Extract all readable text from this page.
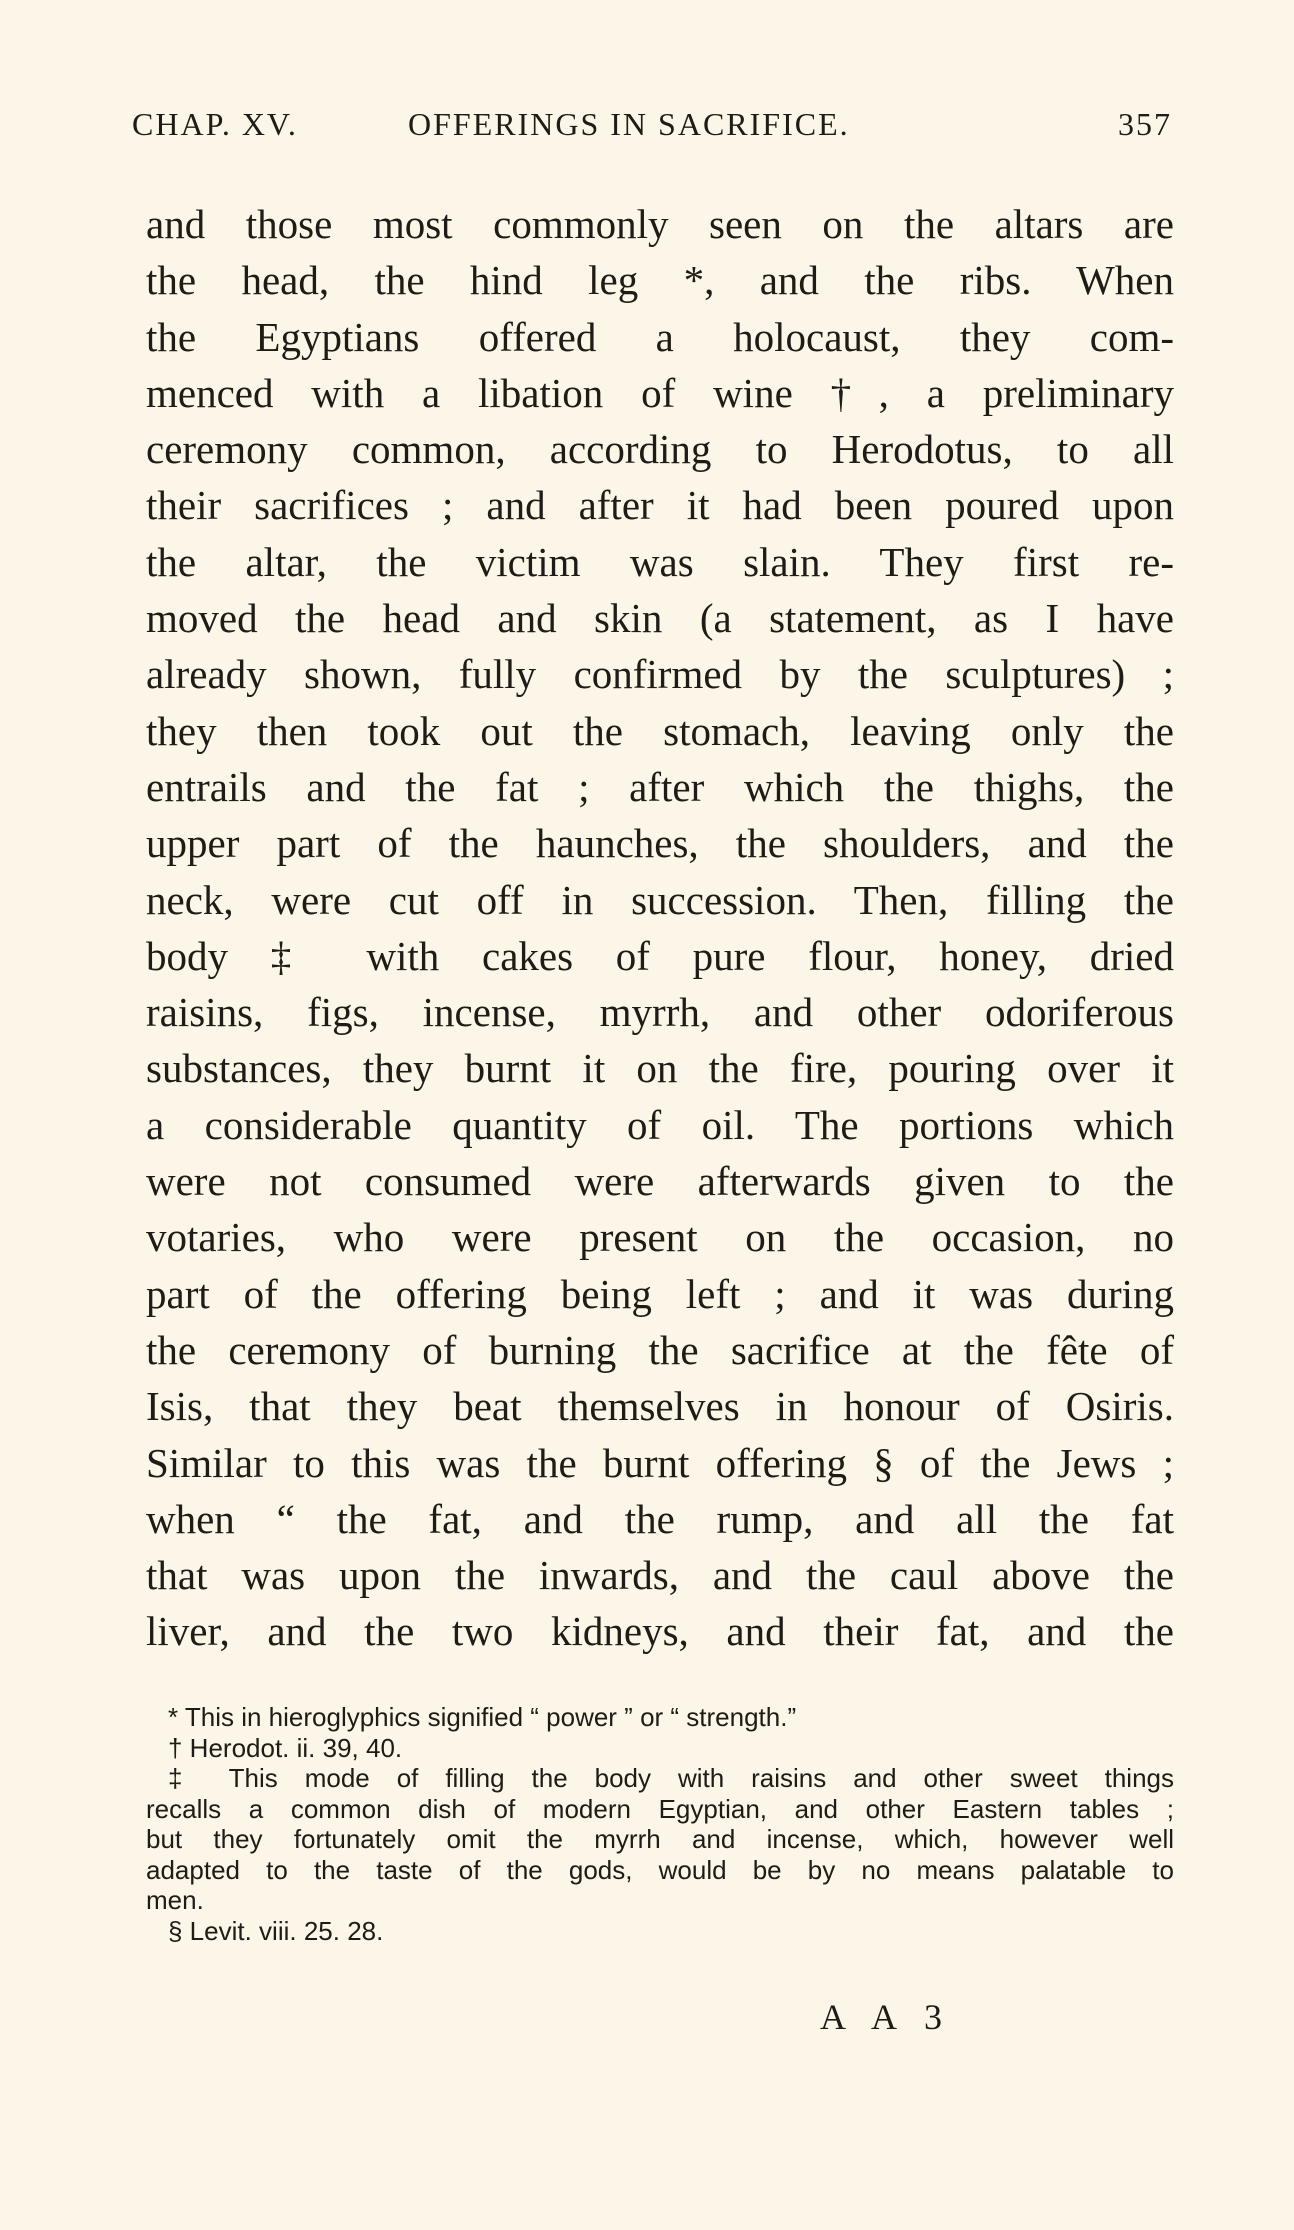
CHAP. XV.	OFFERINGS IN SACRIFICE.	357
and those most commonly seen on the altars are
the head, the hind leg *, and the ribs. When
the Egyptians offered a holocaust, they com-
menced with a libation of wine †, a preliminary
ceremony common, according to Herodotus, to all
their sacrifices ; and after it had been poured upon
the altar, the victim was slain. They first re-
moved the head and skin (a statement, as I have
already shown, fully confirmed by the sculptures) ;
they then took out the stomach, leaving only the
entrails and the fat ; after which the thighs, the
upper part of the haunches, the shoulders, and the
neck, were cut off in succession. Then, filling the
body ‡ with cakes of pure flour, honey, dried
raisins, figs, incense, myrrh, and other odoriferous
substances, they burnt it on the fire, pouring over it
a considerable quantity of oil. The portions which
were not consumed were afterwards given to the
votaries, who were present on the occasion, no
part of the offering being left ; and it was during
the ceremony of burning the sacrifice at the fête of
Isis, that they beat themselves in honour of Osiris.
Similar to this was the burnt offering § of the Jews ;
when “ the fat, and the rump, and all the fat
that was upon the inwards, and the caul above the
liver, and the two kidneys, and their fat, and the
* This in hieroglyphics signified “ power ” or “ strength.”
† Herodot. ii. 39, 40.
‡ This mode of filling the body with raisins and other sweet things
recalls a common dish of modern Egyptian, and other Eastern tables ;
but they fortunately omit the myrrh and incense, which, however well
adapted to the taste of the gods, would be by no means palatable to
men.
§ Levit. viii. 25. 28.
A A 3
